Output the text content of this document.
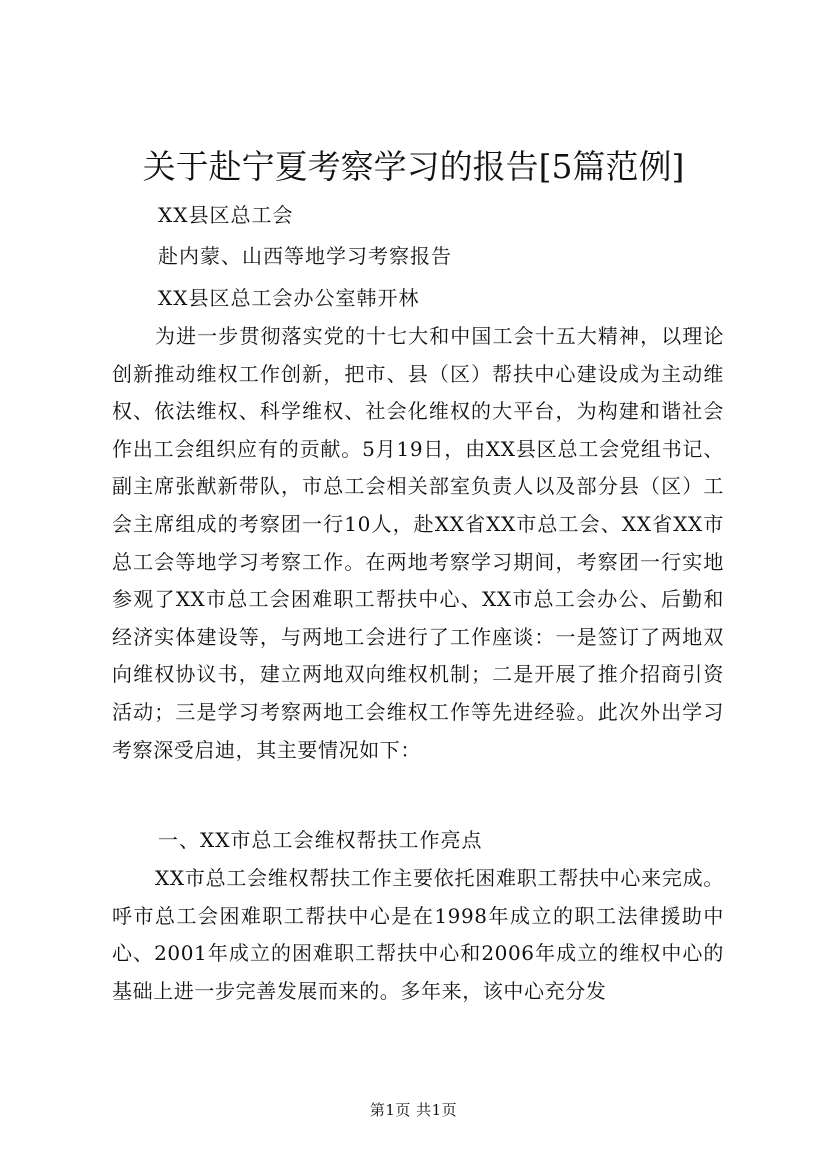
关于赴宁夏考察学习的报告[5篇范例]
XX县区总工会
赴内蒙、山西等地学习考察报告
XX县区总工会办公室韩开林

为进一步贯彻落实党的十七大和中国工会十五大精神，以理论创新推动维权工作创新，把市、县（区）帮扶中心建设成为主动维权、依法维权、科学维权、社会化维权的大平台，为构建和谐社会作出工会组织应有的贡献。5月19日，由XX县区总工会党组书记、副主席张猷新带队，市总工会相关部室负责人以及部分县（区）工会主席组成的考察团一行10人，赴XX省XX市总工会、XX省XX市总工会等地学习考察工作。在两地考察学习期间，考察团一行实地参观了XX市总工会困难职工帮扶中心、XX市总工会办公、后勤和经济实体建设等，与两地工会进行了工作座谈：一是签订了两地双向维权协议书，建立两地双向维权机制；二是开展了推介招商引资活动；三是学习考察两地工会维权工作等先进经验。此次外出学习考察深受启迪，其主要情况如下：

一、XX市总工会维权帮扶工作亮点

XX市总工会维权帮扶工作主要依托困难职工帮扶中心来完成。呼市总工会困难职工帮扶中心是在1998年成立的职工法律援助中心、2001年成立的困难职工帮扶中心和2006年成立的维权中心的基础上进一步完善发展而来的。多年来，该中心充分发

第1页 共1页
